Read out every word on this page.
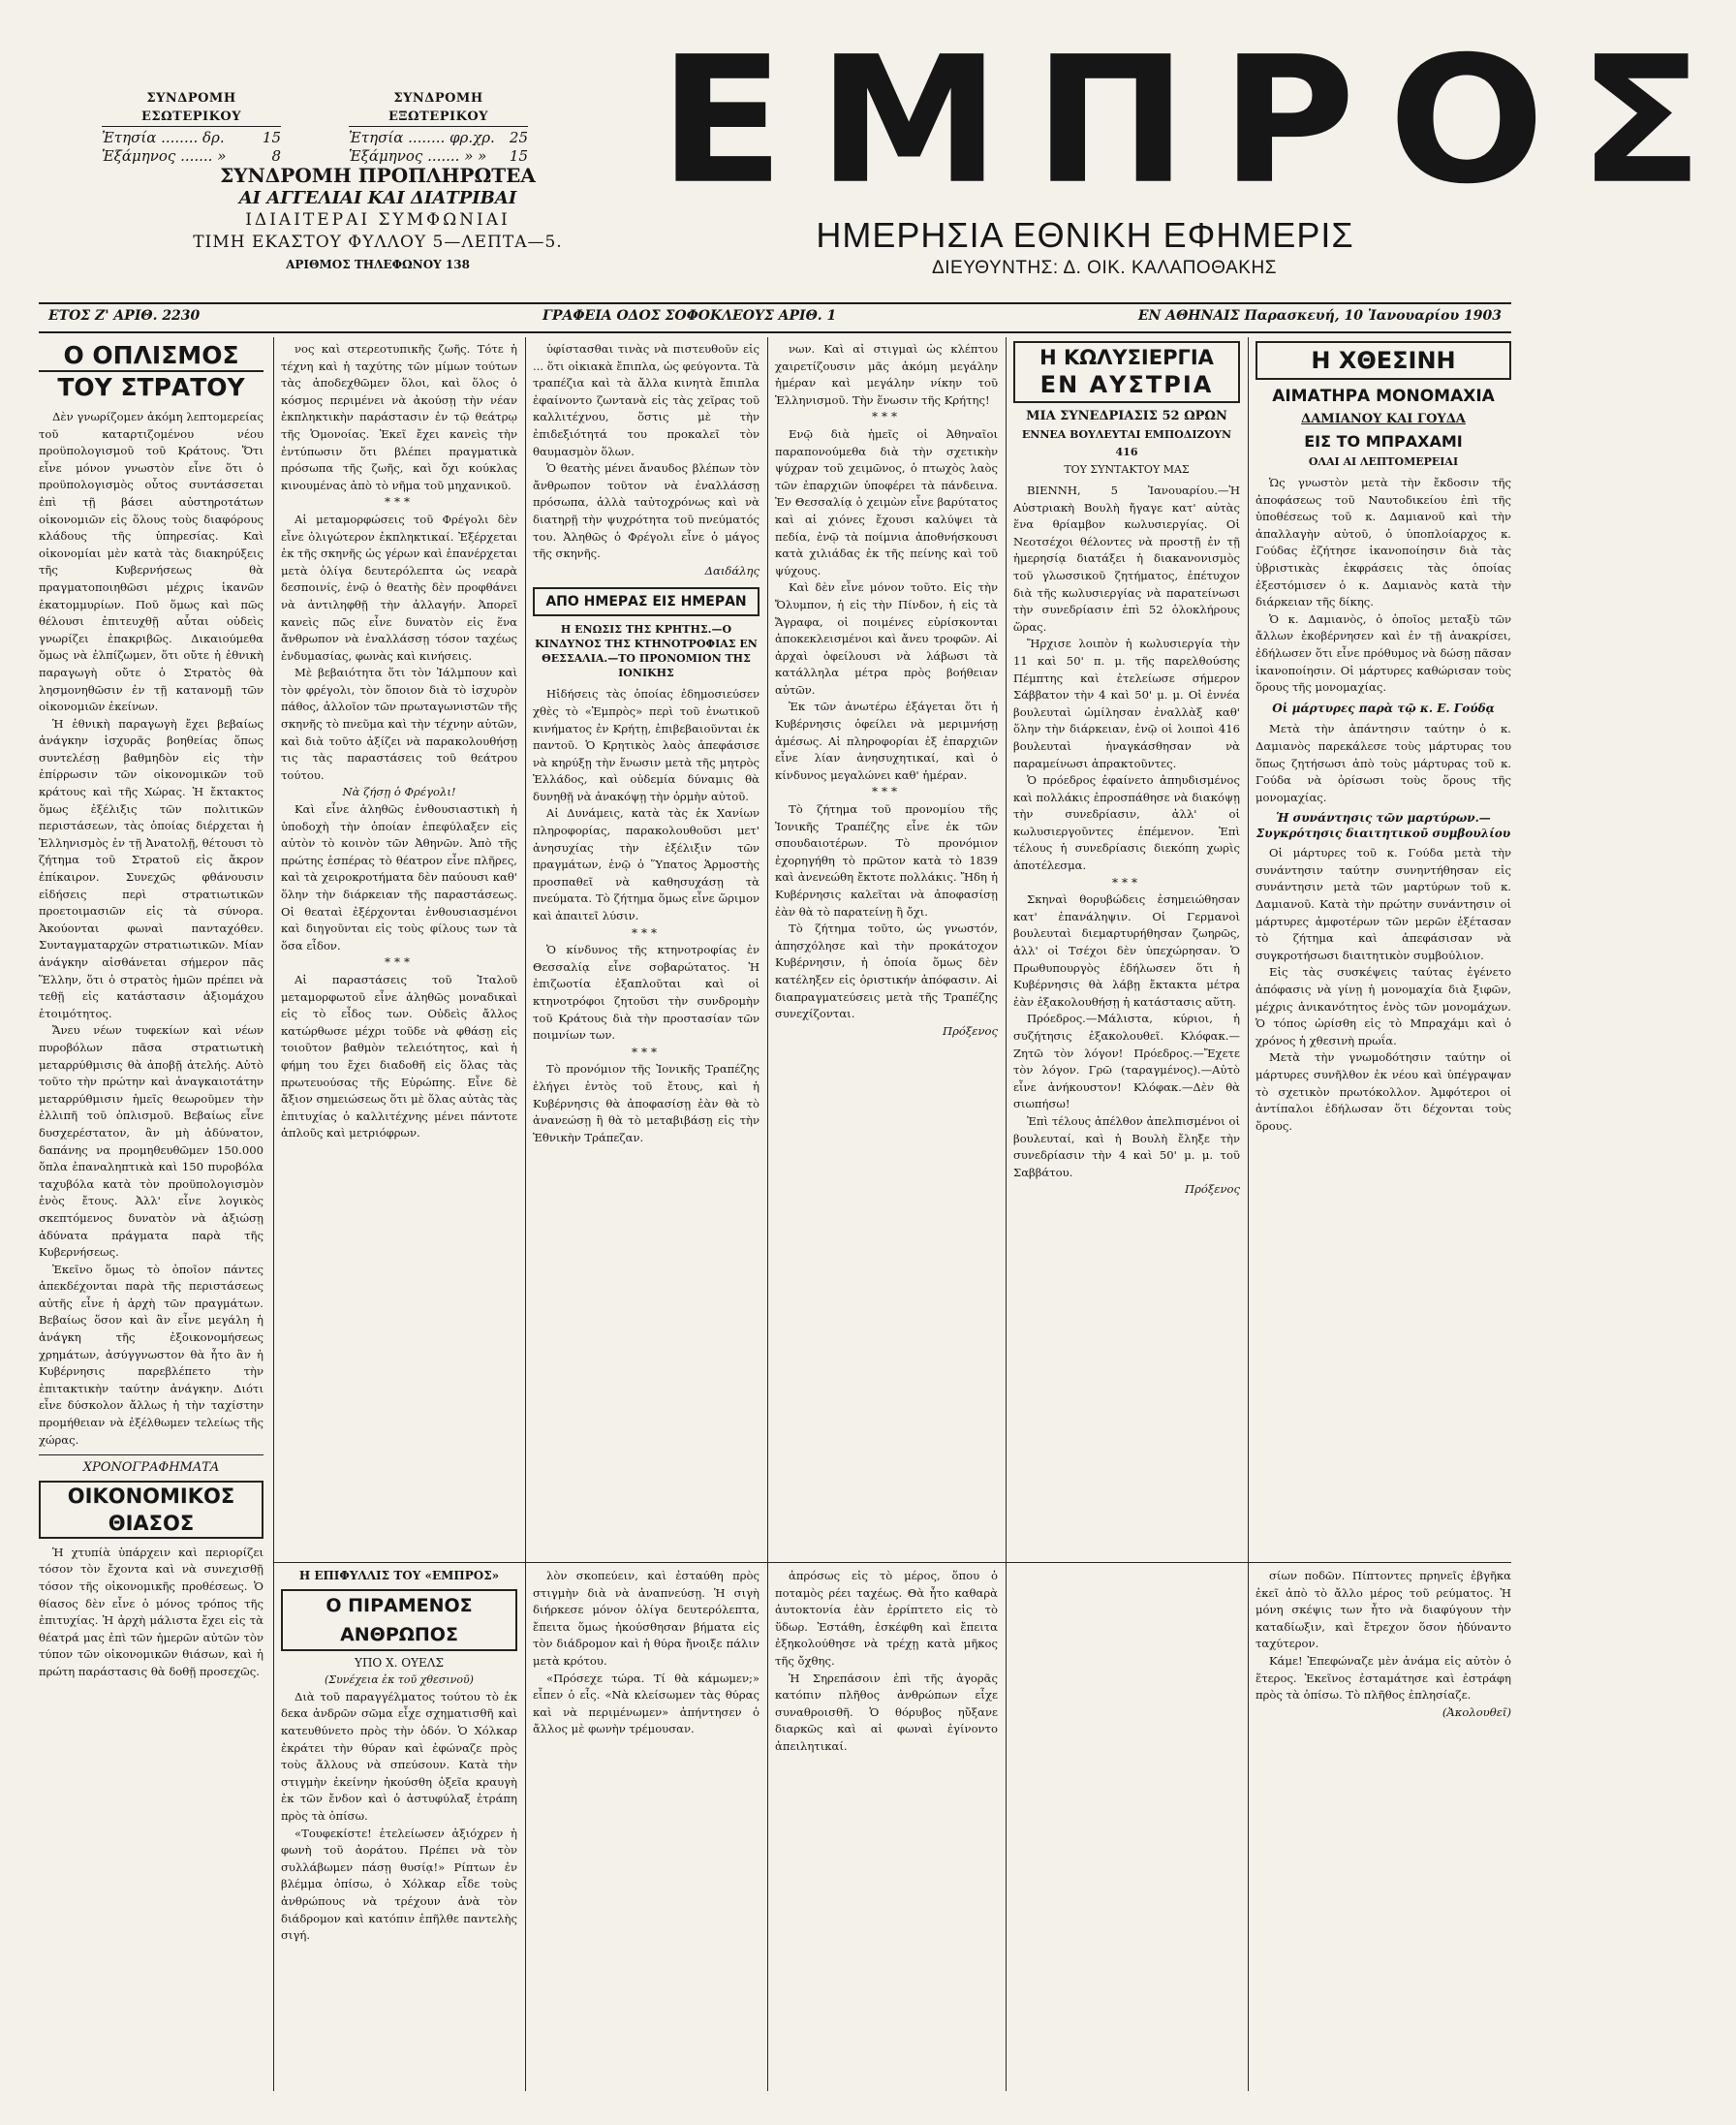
ΣΥΝΔΡΟΜΗ ΕΣΩΤΕΡΙΚΟΥ
Ἐτησία ........ δρ.	15
Ἑξάμηνος ....... »	8
ΣΥΝΔΡΟΜΗ ΕΞΩΤΕΡΙΚΟΥ
Ἐτησία ........ φρ.χρ. 25
Ἑξάμηνος ....... » » 15
ΣΥΝΔΡΟΜΗ ΠΡΟΠΛΗΡΩΤΕΑ
ΑΙ ΑΓΓΕΛΙΑΙ ΚΑΙ ΔΙΑΤΡΙΒΑΙ
ΙΔΙΑΙΤΕΡΑΙ ΣΥΜΦΩΝΙΑΙ
ΤΙΜΗ ΕΚΑΣΤΟΥ ΦΥΛΛΟΥ 5—ΛΕΠΤΑ—5.
ΑΡΙΘΜΟΣ ΤΗΛΕΦΩΝΟΥ 138
ΕΜΠΡΟΣ
ΗΜΕΡΗΣΙΑ ΕΘΝΙΚΗ ΕΦΗΜΕΡΙΣ
ΔΙΕΥΘΥΝΤΗΣ: Δ. ΟΙΚ. ΚΑΛΑΠΟΘΑΚΗΣ
ΕΤΟΣ Ζ' ΑΡΙΘ. 2230	ΓΡΑΦΕΙΑ ΟΔΟΣ ΣΟΦΟΚΛΕΟΥΣ ΑΡΙΘ. 1	ΕΝ ΑΘΗΝΑΙΣ Παρασκευή, 10 Ἰανουαρίου 1903
Ο ΟΠΛΙΣΜΟΣ
ΤΟΥ ΣΤΡΑΤΟΥ

Δὲν γνωρίζομεν ἀκόμη λεπτομερείας τοῦ καταρτιζομένου νέου προϋπολογισμοῦ τοῦ Κράτους. Ὅτι εἶνε μόνον γνωστὸν εἶνε ὅτι ὁ προϋπολογισμὸς οὗτος συντάσσεται ἐπὶ τῇ βάσει αὐστηροτάτων οἰκονομιῶν εἰς ὅλους τοὺς διαφόρους κλάδους τῆς ὑπηρεσίας. Καὶ οἰκονομίαι μὲν κατὰ τὰς διακηρύξεις τῆς Κυβερνήσεως θὰ πραγματοποιηθῶσι μέχρις ἱκανῶν ἑκατομμυρίων. Ποῦ ὅμως καὶ πῶς θέλουσι ἐπιτευχθῇ αὗται οὐδεὶς γνωρίζει ἐπακριβῶς. Δικαιούμεθα ὅμως νὰ ἐλπίζωμεν, ὅτι οὔτε ἡ ἐθνικὴ παραγωγὴ οὔτε ὁ Στρατὸς θὰ λησμονηθῶσιν ἐν τῇ κατανομῇ τῶν οἰκονομιῶν ἐκείνων.

Ἡ ἐθνικὴ παραγωγὴ ἔχει βεβαίως ἀνάγκην ἰσχυρᾶς βοηθείας ὅπως συντελέσῃ βαθμηδὸν εἰς τὴν ἐπίρρωσιν τῶν οἰκονομικῶν τοῦ κράτους καὶ τῆς Χώρας. Ἡ ἔκτακτος ὅμως ἐξέλιξις τῶν πολιτικῶν περιστάσεων, τὰς ὁποίας διέρχεται ἡ Ἑλληνισμὸς ἐν τῇ Ἀνατολῇ, θέτουσι τὸ ζήτημα τοῦ Στρατοῦ εἰς ἄκρον ἐπίκαιρον. Συνεχῶς φθάνουσιν εἰδήσεις περὶ στρατιωτικῶν προετοιμασιῶν εἰς τὰ σύνορα. Ἀκούονται φωναὶ πανταχόθεν. Συνταγματαρχῶν στρατιωτικῶν. Μίαν ἀνάγκην αἰσθάνεται σήμερον πᾶς Ἕλλην, ὅτι ὁ στρατὸς ἡμῶν πρέπει νὰ τεθῇ εἰς κατάστασιν ἀξιομάχου ἑτοιμότητος.

Ἄνευ νέων τυφεκίων καὶ νέων πυροβόλων πᾶσα στρατιωτικὴ μεταρρύθμισις θὰ ἀποβῇ ἀτελής. Αὐτὸ τοῦτο τὴν πρώτην καὶ ἀναγκαιοτάτην μεταρρύθμισιν ἡμεῖς θεωροῦμεν τὴν ἐλλιπῆ τοῦ ὁπλισμοῦ. Βεβαίως εἶνε δυσχερέστατον, ἂν μὴ ἀδύνατον, δαπάνης να προμηθευθῶμεν 150.000 ὅπλα ἐπαναληπτικὰ καὶ 150 πυροβόλα ταχυβόλα κατὰ τὸν προϋπολογισμὸν ἑνὸς ἔτους. Ἀλλ' εἶνε λογικὸς σκεπτόμενος δυνατὸν νὰ ἀξιώσῃ ἀδύνατα πράγματα παρὰ τῆς Κυβερνήσεως.

Ἐκεῖνο ὅμως τὸ ὁποῖον πάντες ἀπεκδέχονται παρὰ τῆς περιστάσεως αὐτῆς εἶνε ἡ ἀρχὴ τῶν πραγμάτων. Βεβαίως ὅσον καὶ ἂν εἶνε μεγάλη ἡ ἀνάγκη τῆς ἐξοικονομήσεως χρημάτων, ἀσύγγνωστον θὰ ἦτο ἂν ἡ Κυβέρνησις παρεβλέπετο τὴν ἐπιτακτικὴν ταύτην ἀνάγκην. Διότι εἶνε δύσκολον ἄλλως ἡ τὴν ταχίστην προμήθειαν νὰ ἐξέλθωμεν τελείως τῆς χώρας.

ΧΡΟΝΟΓΡΑΦΗΜΑΤΑ
ΟΙΚΟΝΟΜΙΚΟΣ ΘΙΑΣΟΣ

Ἡ χτυπίὰ ὑπάρχειν καὶ περιορίζει τόσον τὸν ἔχοντα καὶ νὰ συνεχισθῇ τόσον τῆς οἰκονομικῆς προθέσεως. Ὁ θίασος δὲν εἶνε ὁ μόνος τρόπος τῆς ἐπιτυχίας. Ἡ ἀρχὴ μάλιστα ἔχει εἰς τὰ θέατρά μας ἐπὶ τῶν ἡμερῶν αὐτῶν τὸν τύπον τῶν οἰκονομικῶν θιάσων, καὶ ἡ πρώτη παράστασις θὰ δοθῇ προσεχῶς.

νος καὶ στερεοτυπικῆς ζωῆς. Τότε ἡ τέχνη καὶ ἡ ταχύτης τῶν μίμων τούτων τὰς ἀποδεχθῶμεν ὅλοι, καὶ ὅλος ὁ κόσμος περιμένει νὰ ἀκούσῃ τὴν νέαν ἐκπληκτικὴν παράστασιν ἐν τῷ θεάτρῳ τῆς Ὁμονοίας. Ἐκεῖ ἔχει κανεὶς τὴν ἐντύπωσιν ὅτι βλέπει πραγματικὰ πρόσωπα τῆς ζωῆς, καὶ ὄχι κούκλας κινουμένας ἀπὸ τὸ νῆμα τοῦ μηχανικοῦ.

***

Αἱ μεταμορφώσεις τοῦ Φρέγολι δὲν εἶνε ὀλιγώτερον ἐκπληκτικαί. Ἐξέρχεται ἐκ τῆς σκηνῆς ὡς γέρων καὶ ἐπανέρχεται μετὰ ὀλίγα δευτερόλεπτα ὡς νεαρὰ δεσποινίς, ἐνῷ ὁ θεατὴς δὲν προφθάνει νὰ ἀντιληφθῇ τὴν ἀλλαγήν. Ἀπορεῖ κανεὶς πῶς εἶνε δυνατὸν εἰς ἕνα ἄνθρωπον νὰ ἐναλλάσσῃ τόσον ταχέως ἐνδυμασίας, φωνὰς καὶ κινήσεις.

Μὲ βεβαιότητα ὅτι τὸν Ἰάλμπουν καὶ τὸν φρέγολι, τὸν ὅποιον διὰ τὸ ἰσχυρὸν πάθος, ἀλλοῖον τῶν πρωταγωνιστῶν τῆς σκηνῆς τὸ πνεῦμα καὶ τὴν τέχνην αὐτῶν, καὶ διὰ τοῦτο ἀξίζει νὰ παρακολουθήσῃ τις τὰς παραστάσεις τοῦ θεάτρου τούτου.

Νὰ ζήσῃ ὁ Φρέγολι!

Καὶ εἶνε ἀληθῶς ἐνθουσιαστικὴ ἡ ὑποδοχὴ τὴν ὁποίαν ἐπεφύλαξεν εἰς αὐτὸν τὸ κοινὸν τῶν Ἀθηνῶν. Ἀπὸ τῆς πρώτης ἑσπέρας τὸ θέατρον εἶνε πλῆρες, καὶ τὰ χειροκροτήματα δὲν παύουσι καθ' ὅλην τὴν διάρκειαν τῆς παραστάσεως. Οἱ θεαταὶ ἐξέρχονται ἐνθουσιασμένοι καὶ διηγοῦνται εἰς τοὺς φίλους των τὰ ὅσα εἶδον.

***

Αἱ παραστάσεις τοῦ Ἰταλοῦ μεταμορφωτοῦ εἶνε ἀληθῶς μοναδικαὶ εἰς τὸ εἶδος των. Οὐδεὶς ἄλλος κατώρθωσε μέχρι τοῦδε νὰ φθάσῃ εἰς τοιοῦτον βαθμὸν τελειότητος, καὶ ἡ φήμη του ἔχει διαδοθῆ εἰς ὅλας τὰς πρωτευούσας τῆς Εὐρώπης. Εἶνε δὲ ἄξιον σημειώσεως ὅτι μὲ ὅλας αὐτὰς τὰς ἐπιτυχίας ὁ καλλιτέχνης μένει πάντοτε ἁπλοῦς καὶ μετριόφρων.

Η ΕΠΙΦΥΛΛΙΣ ΤΟΥ «ΕΜΠΡΟΣ»
Ο ΠΙΡΑΜΕΝΟΣ ΑΝΘΡΩΠΟΣ
ΥΠΟ Χ. ΟΥΕΛΣ
(Συνέχεια ἐκ τοῦ χθεσινοῦ)

Διὰ τοῦ παραγγέλματος τούτου τὸ ἐκ δεκα ἀνδρῶν σῶμα εἶχε σχηματισθῆ καὶ κατευθύνετο πρὸς τὴν ὁδόν. Ὁ Χόλκαρ ἐκράτει τὴν θύραν καὶ ἐφώναζε πρὸς τοὺς ἄλλους νὰ σπεύσουν. Κατὰ τὴν στιγμὴν ἐκείνην ἠκούσθη ὀξεῖα κραυγὴ ἐκ τῶν ἔνδον καὶ ὁ ἀστυφύλαξ ἐτράπη πρὸς τὰ ὀπίσω.

«Τουφεκίστε! ἐτελείωσεν ἀξιόχρεν ἡ φωνὴ τοῦ ἀοράτου. Πρέπει νὰ τὸν συλλάβωμεν πάσῃ θυσίᾳ!» Ρίπτων ἐν βλέμμα ὀπίσω, ὁ Χόλκαρ εἶδε τοὺς ἀνθρώπους νὰ τρέχουν ἀνὰ τὸν διάδρομον καὶ κατόπιν ἐπῆλθε παντελὴς σιγή.

ὑφίστασθαι τινὰς νὰ πιστευθοῦν εἰς ... ὅτι οἰκιακὰ ἔπιπλα, ὡς φεύγοντα. Τὰ τραπέζια καὶ τὰ ἄλλα κινητὰ ἔπιπλα ἐφαίνοντο ζωντανὰ εἰς τὰς χεῖρας τοῦ καλλιτέχνου, ὅστις μὲ τὴν ἐπιδεξιότητά του προκαλεῖ τὸν θαυμασμὸν ὅλων.

Ὁ θεατὴς μένει ἄναυδος βλέπων τὸν ἄνθρωπον τοῦτον νὰ ἐναλλάσσῃ πρόσωπα, ἀλλὰ ταὐτοχρόνως καὶ νὰ διατηρῇ τὴν ψυχρότητα τοῦ πνεύματός του. Ἀληθῶς ὁ Φρέγολι εἶνε ὁ μάγος τῆς σκηνῆς.

Δαιδάλης
ΑΠΟ ΗΜΕΡΑΣ ΕΙΣ ΗΜΕΡΑΝ
Η ΕΝΩΣΙΣ ΤΗΣ ΚΡΗΤΗΣ.—Ο ΚΙΝΔΥΝΟΣ ΤΗΣ ΚΤΗΝΟΤΡΟΦΙΑΣ ΕΝ ΘΕΣΣΑΛΙΑ.—ΤΟ ΠΡΟΝΟΜΙΟΝ ΤΗΣ ΙΟΝΙΚΗΣ

Ηἰδήσεις τὰς ὁποίας ἐδημοσιεύσεν χθὲς τὸ «Ἐμπρὸς» περὶ τοῦ ἐνωτικοῦ κινήματος ἐν Κρήτῃ, ἐπιβεβαιοῦνται ἐκ παντοῦ. Ὁ Κρητικὸς λαὸς ἀπεφάσισε νὰ κηρύξῃ τὴν ἕνωσιν μετὰ τῆς μητρὸς Ἑλλάδος, καὶ οὐδεμία δύναμις θὰ δυνηθῇ νὰ ἀνακόψῃ τὴν ὁρμὴν αὐτοῦ.

Αἱ Δυνάμεις, κατὰ τὰς ἐκ Χανίων πληροφορίας, παρακολουθοῦσι μετ' ἀνησυχίας τὴν ἐξέλιξιν τῶν πραγμάτων, ἐνῷ ὁ Ὕπατος Ἁρμοστὴς προσπαθεῖ νὰ καθησυχάσῃ τὰ πνεύματα. Τὸ ζήτημα ὅμως εἶνε ὥριμον καὶ ἀπαιτεῖ λύσιν.

***

Ὁ κίνδυνος τῆς κτηνοτροφίας ἐν Θεσσαλίᾳ εἶνε σοβαρώτατος. Ἡ ἐπιζωοτία ἐξαπλοῦται καὶ οἱ κτηνοτρόφοι ζητοῦσι τὴν συνδρομὴν τοῦ Κράτους διὰ τὴν προστασίαν τῶν ποιμνίων των.

***

Τὸ προνόμιον τῆς Ἰονικῆς Τραπέζης ἐλήγει ἐντὸς τοῦ ἔτους, καὶ ἡ Κυβέρνησις θὰ ἀποφασίσῃ ἐὰν θὰ τὸ ἀνανεώσῃ ἢ θὰ τὸ μεταβιβάσῃ εἰς τὴν Ἐθνικὴν Τράπεζαν.

λὸν σκοπεύειν, καὶ ἐσταύθη πρὸς στιγμὴν διὰ νὰ ἀναπνεύσῃ. Ἡ σιγὴ διήρκεσε μόνον ὀλίγα δευτερόλεπτα, ἔπειτα ὅμως ἠκούσθησαν βήματα εἰς τὸν διάδρομον καὶ ἡ θύρα ἤνοιξε πάλιν μετὰ κρότου.

«Πρόσεχε τώρα. Τί θὰ κάμωμεν;» εἶπεν ὁ εἷς. «Νὰ κλείσωμεν τὰς θύρας καὶ νὰ περιμένωμεν» ἀπήντησεν ὁ ἄλλος μὲ φωνὴν τρέμουσαν.

νων. Καὶ αἱ στιγμαὶ ὡς κλέπτου χαιρετίζουσιν μᾶς ἀκόμη μεγάλην ἡμέραν καὶ μεγάλην νίκην τοῦ Ἑλληνισμοῦ. Τὴν ἕνωσιν τῆς Κρήτης!

***

Ενῷ διὰ ἡμεῖς οἱ Ἀθηναῖοι παραπονούμεθα διὰ τὴν σχετικὴν ψύχραν τοῦ χειμῶνος, ὁ πτωχὸς λαὸς τῶν ἐπαρχιῶν ὑποφέρει τὰ πάνδεινα. Ἐν Θεσσαλίᾳ ὁ χειμὼν εἶνε βαρύτατος καὶ αἱ χιόνες ἔχουσι καλύψει τὰ πεδία, ἐνῷ τὰ ποίμνια ἀποθνήσκουσι κατὰ χιλιάδας ἐκ τῆς πείνης καὶ τοῦ ψύχους.

Καὶ δὲν εἶνε μόνον τοῦτο. Εἰς τὴν Ὄλυμπον, ἡ εἰς τὴν Πίνδον, ἡ εἰς τὰ Ἄγραφα, οἱ ποιμένες εὑρίσκονται ἀποκεκλεισμένοι καὶ ἄνευ τροφῶν. Αἱ ἀρχαὶ ὀφείλουσι νὰ λάβωσι τὰ κατάλληλα μέτρα πρὸς βοήθειαν αὐτῶν.

Ἐκ τῶν ἀνωτέρω ἐξάγεται ὅτι ἡ Κυβέρνησις ὀφείλει νὰ μεριμνήσῃ ἀμέσως. Αἱ πληροφορίαι ἐξ ἐπαρχιῶν εἶνε λίαν ἀνησυχητικαί, καὶ ὁ κίνδυνος μεγαλώνει καθ' ἡμέραν.

***

Τὸ ζήτημα τοῦ προνομίου τῆς Ἰονικῆς Τραπέζης εἶνε ἐκ τῶν σπουδαιοτέρων. Τὸ προνόμιον ἐχορηγήθη τὸ πρῶτον κατὰ τὸ 1839 καὶ ἀνενεώθη ἔκτοτε πολλάκις. Ἤδη ἡ Κυβέρνησις καλεῖται νὰ ἀποφασίσῃ ἐὰν θὰ τὸ παρατείνῃ ἢ ὄχι.

Τὸ ζήτημα τοῦτο, ὡς γνωστόν, ἀπησχόλησε καὶ τὴν προκάτοχον Κυβέρνησιν, ἡ ὁποία ὅμως δὲν κατέληξεν εἰς ὁριστικήν ἀπόφασιν. Αἱ διαπραγματεύσεις μετὰ τῆς Τραπέζης συνεχίζονται.

Πρόξενος

ἀπρόσως εἰς τὸ μέρος, ὅπου ὁ ποταμὸς ρέει ταχέως. Θὰ ἦτο καθαρὰ ἀυτοκτονία ἐὰν ἐρρίπτετο εἰς τὸ ὕδωρ. Ἐστάθη, ἐσκέφθη καὶ ἔπειτα ἐξηκολούθησε νὰ τρέχῃ κατὰ μῆκος τῆς ὄχθης.

Ἡ Σηρεπάσοιν ἐπὶ τῆς ἀγορᾶς κατόπιν πλῆθος ἀνθρώπων εἶχε συναθροισθῆ. Ὁ θόρυβος ηὔξανε διαρκῶς καὶ αἱ φωναὶ ἐγίνοντο ἀπειλητικαί.

Η ΚΩΛΥΣΙΕΡΓΙΑ
ΕΝ ΑΥΣΤΡΙΑ
ΜΙΑ ΣΥΝΕΔΡΙΑΣΙΣ 52 ΩΡΩΝ
ΕΝΝΕΑ ΒΟΥΛΕΥΤΑΙ ΕΜΠΟΔΙΖΟΥΝ 416
ΤΟΥ ΣΥΝΤΑΚΤΟΥ ΜΑΣ

ΒΙΕΝΝΗ, 5 Ἰανουαρίου.—Ἡ Αὐστριακὴ Βουλὴ ἤγαγε κατ' αὐτὰς ἕνα θρίαμβον κωλυσιεργίας. Οἱ Νεοτσέχοι θέλοντες νὰ προστῇ ἐν τῇ ἡμερησίᾳ διατάξει ἡ διακανονισμὸς τοῦ γλωσσικοῦ ζητήματος, ἐπέτυχον διὰ τῆς κωλυσιεργίας νὰ παρατείνωσι τὴν συνεδρίασιν ἐπὶ 52 ὁλοκλήρους ὥρας.

Ἤρχισε λοιπὸν ἡ κωλυσιεργία τὴν 11 καὶ 50' π. μ. τῆς παρελθούσης Πέμπτης καὶ ἐτελείωσε σήμερον Σάββατον τὴν 4 καὶ 50' μ. μ. Οἱ ἐννέα βουλευταὶ ὡμίλησαν ἐναλλὰξ καθ' ὅλην τὴν διάρκειαν, ἐνῷ οἱ λοιποὶ 416 βουλευταὶ ἠναγκάσθησαν νὰ παραμείνωσι ἀπρακτοῦντες.

Ὁ πρόεδρος ἐφαίνετο ἀπηυδισμένος καὶ πολλάκις ἐπροσπάθησε νὰ διακόψῃ τὴν συνεδρίασιν, ἀλλ' οἱ κωλυσιεργοῦντες ἐπέμενον. Ἐπὶ τέλους ἡ συνεδρίασις διεκόπη χωρὶς ἀποτέλεσμα.

***

Σκηναὶ θορυβώδεις ἐσημειώθησαν κατ' ἐπανάληψιν. Οἱ Γερμανοὶ βουλευταὶ διεμαρτυρήθησαν ζωηρῶς, ἀλλ' οἱ Τσέχοι δὲν ὑπεχώρησαν. Ὁ Πρωθυπουργὸς ἐδήλωσεν ὅτι ἡ Κυβέρνησις θὰ λάβῃ ἔκτακτα μέτρα ἐὰν ἐξακολουθήσῃ ἡ κατάστασις αὕτη.

Πρόεδρος.—Μάλιστα, κύριοι, ἡ συζήτησις ἐξακολουθεῖ. Κλόφακ.—Ζητῶ τὸν λόγον! Πρόεδρος.—Ἔχετε τὸν λόγον. Γρῶ (ταραγμένος).—Αὐτὸ εἶνε ἀνήκουστον! Κλόφακ.—Δὲν θὰ σιωπήσω!

Ἐπὶ τέλους ἀπέλθον ἀπελπισμένοι οἱ βουλευταί, καὶ ἡ Βουλὴ ἔληξε τὴν συνεδρίασιν τὴν 4 καὶ 50' μ. μ. τοῦ Σαββάτου.

Πρόξενος
Η ΧΘΕΣΙΝΗ
ΑΙΜΑΤΗΡΑ ΜΟΝΟΜΑΧΙΑ
ΔΑΜΙΑΝΟΥ ΚΑΙ ΓΟΥΔΑ
ΕΙΣ ΤΟ ΜΠΡΑΧΑΜΙ
ΟΛΑΙ ΑΙ ΛΕΠΤΟΜΕΡΕΙΑΙ

Ὡς γνωστὸν μετὰ τὴν ἔκδοσιν τῆς ἀποφάσεως τοῦ Ναυτοδικείου ἐπὶ τῆς ὑποθέσεως τοῦ κ. Δαμιανοῦ καὶ τὴν ἀπαλλαγὴν αὐτοῦ, ὁ ὑποπλοίαρχος κ. Γούδας ἐζήτησε ἱκανοποίησιν διὰ τὰς ὑβριστικὰς ἐκφράσεις τὰς ὁποίας ἐξεστόμισεν ὁ κ. Δαμιανὸς κατὰ τὴν διάρκειαν τῆς δίκης.

Ὁ κ. Δαμιανὸς, ὁ ὁποῖος μεταξὺ τῶν ἄλλων ἐκοβέρνησεν καὶ ἐν τῇ ἀνακρίσει, ἐδήλωσεν ὅτι εἶνε πρόθυμος νὰ δώσῃ πᾶσαν ἱκανοποίησιν. Οἱ μάρτυρες καθώρισαν τοὺς ὅρους τῆς μονομαχίας.

Οἱ μάρτυρες παρὰ τῷ κ. Ε. Γούδᾳ

Μετὰ τὴν ἀπάντησιν ταύτην ὁ κ. Δαμιανὸς παρεκάλεσε τοὺς μάρτυρας του ὅπως ζητήσωσι ἀπὸ τοὺς μάρτυρας τοῦ κ. Γούδα νὰ ὁρίσωσι τοὺς ὅρους τῆς μονομαχίας.

Ἡ συνάντησις τῶν μαρτύρων.—Συγκρότησις διαιτητικοῦ συμβουλίου

Οἱ μάρτυρες τοῦ κ. Γούδα μετὰ τὴν συνάντησιν ταύτην συνηντήθησαν εἰς συνάντησιν μετὰ τῶν μαρτύρων τοῦ κ. Δαμιανοῦ. Κατὰ τὴν πρώτην συνάντησιν οἱ μάρτυρες ἀμφοτέρων τῶν μερῶν ἐξέτασαν τὸ ζήτημα καὶ ἀπεφάσισαν νὰ συγκροτήσωσι διαιτητικὸν συμβούλιον.

Εἰς τὰς συσκέψεις ταύτας ἐγένετο ἀπόφασις νὰ γίνῃ ἡ μονομαχία διὰ ξιφῶν, μέχρις ἀνικανότητος ἑνὸς τῶν μονομάχων. Ὁ τόπος ὡρίσθη εἰς τὸ Μπραχάμι καὶ ὁ χρόνος ἡ χθεσινὴ πρωΐα.

Μετὰ τὴν γνωμοδότησιν ταύτην οἱ μάρτυρες συνῆλθον ἐκ νέου καὶ ὑπέγραψαν τὸ σχετικὸν πρωτόκολλον. Ἀμφότεροι οἱ ἀντίπαλοι ἐδήλωσαν ὅτι δέχονται τοὺς ὅρους.

σίων ποδῶν. Πίπτοντες πρηνεῖς ἐβγῆκα ἐκεῖ ἀπὸ τὸ ἄλλο μέρος τοῦ ρεύματος. Ἡ μόνη σκέψις των ἦτο νὰ διαφύγουν τὴν καταδίωξιν, καὶ ἔτρεχον ὅσον ἠδύναντο ταχύτερον.

Κάμε! Ἐπεφώναζε μὲν ἀνάμα εἰς αὐτὸν ὁ ἕτερος. Ἐκεῖνος ἐσταμάτησε καὶ ἐστράφη πρὸς τὰ ὀπίσω. Τὸ πλῆθος ἐπλησίαζε.

(Ἀκολουθεῖ)
